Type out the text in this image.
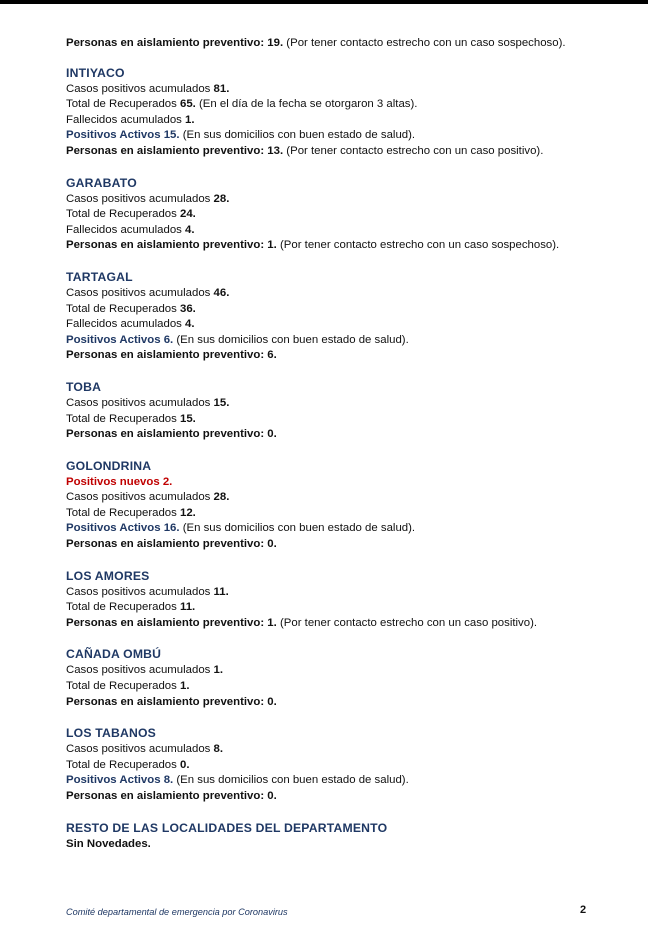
Personas en aislamiento preventivo: 19. (Por tener contacto estrecho con un caso sospechoso).
INTIYACO
Casos positivos acumulados 81.
Total de Recuperados 65. (En el día de la fecha se otorgaron 3 altas).
Fallecidos acumulados 1.
Positivos Activos 15. (En sus domicilios con buen estado de salud).
Personas en aislamiento preventivo: 13. (Por tener contacto estrecho con un caso positivo).
GARABATO
Casos positivos acumulados 28.
Total de Recuperados 24.
Fallecidos acumulados 4.
Personas en aislamiento preventivo: 1. (Por tener contacto estrecho con un caso sospechoso).
TARTAGAL
Casos positivos acumulados 46.
Total de Recuperados 36.
Fallecidos acumulados 4.
Positivos Activos 6. (En sus domicilios con buen estado de salud).
Personas en aislamiento preventivo: 6.
TOBA
Casos positivos acumulados 15.
Total de Recuperados 15.
Personas en aislamiento preventivo: 0.
GOLONDRINA
Positivos nuevos 2.
Casos positivos acumulados 28.
Total de Recuperados 12.
Positivos Activos 16. (En sus domicilios con buen estado de salud).
Personas en aislamiento preventivo: 0.
LOS AMORES
Casos positivos acumulados 11.
Total de Recuperados 11.
Personas en aislamiento preventivo: 1. (Por tener contacto estrecho con un caso positivo).
CAÑADA OMBÚ
Casos positivos acumulados 1.
Total de Recuperados 1.
Personas en aislamiento preventivo: 0.
LOS TABANOS
Casos positivos acumulados 8.
Total de Recuperados 0.
Positivos Activos 8. (En sus domicilios con buen estado de salud).
Personas en aislamiento preventivo: 0.
RESTO DE LAS LOCALIDADES DEL DEPARTAMENTO
Sin Novedades.
Comité departamental de emergencia por Coronavirus	2
